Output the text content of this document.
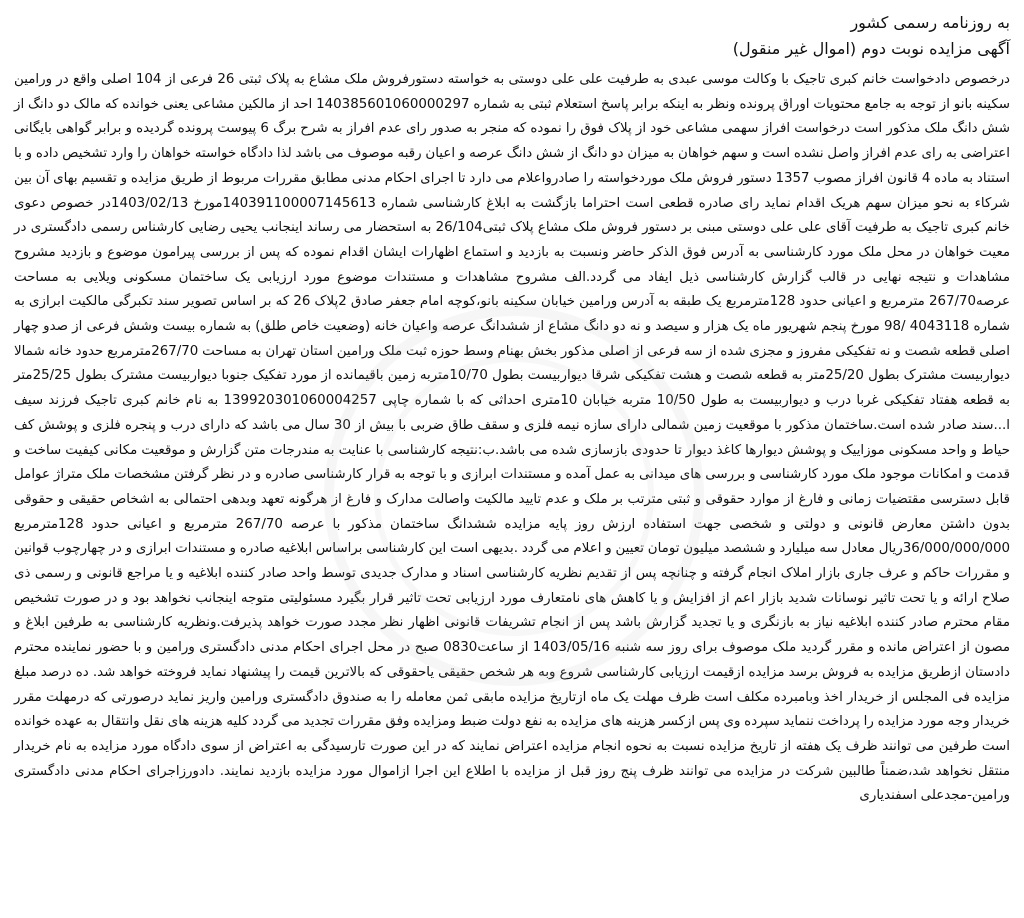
به روزنامه رسمی کشور
آگهی مزایده نوبت دوم (اموال غیر منقول)

درخصوص دادخواست خانم کبری تاجیک با وکالت موسی عبدی به طرفیت علی علی دوستی به خواسته دستورفروش ملک مشاع به پلاک ثبتی 26 فرعی از 104 اصلی واقع در ورامین سکینه بانو از توجه به جامع محتویات اوراق پرونده ونظر به اینکه برابر پاسخ استعلام ثبتی به شماره 140385601060000297 احد از مالکین مشاعی یعنی خوانده که مالک دو دانگ از شش دانگ ملک مذکور است درخواست افراز سهمی مشاعی خود از پلاک فوق را نموده که منجر به صدور رای عدم افراز به شرح برگ 6 پیوست پرونده گردیده و برابر گواهی بایگانی اعتراضی به رای عدم افراز واصل نشده است و سهم خواهان به میزان دو دانگ از شش دانگ عرصه و اعیان رقبه موصوف می باشد لذا دادگاه خواسته خواهان را وارد تشخیص داده و با استناد به ماده 4 قانون افراز مصوب 1357 دستور فروش ملک موردخواسته را صادرواعلام می دارد تا اجرای احکام مدنی مطابق مقررات مربوط از طریق مزایده و تقسیم بهای آن بین شرکاء به نحو میزان سهم هریک اقدام نماید رای صادره قطعی است احتراما بازگشت به ابلاغ کارشناسی شماره 140391100007145613مورخ 1403/02/13در خصوص دعوی خانم کبری تاجیک به طرفیت آقای علی علی دوستی مبنی بر دستور فروش ملک مشاع پلاک ثبتی26/104 به استحضار می رساند اینجانب یحیی رضایی کارشناس رسمی دادگستری در معیت خواهان در محل ملک مورد کارشناسی به آدرس فوق الذکر حاضر ونسبت به بازدید و استماع اظهارات ایشان اقدام نموده که پس از بررسی پیرامون موضوع و بازدید مشروح مشاهدات و نتیجه نهایی در قالب گزارش کارشناسی ذیل ایفاد می گردد.الف مشروح مشاهدات و مستندات موضوع مورد ارزیابی یک ساختمان مسکونی ویلایی به مساحت عرصه267/70 مترمربع و اعیانی حدود 128مترمربع یک طبقه به آدرس ورامین خیابان سکینه بانو،کوچه امام جعفر صادق 2پلاک 26 که بر اساس تصویر سند تکبرگی مالکیت ابرازی به شماره 4043118 /98 مورخ پنجم شهریور ماه یک هزار و سیصد و نه دو دانگ مشاع از ششدانگ عرصه واعیان خانه (وضعیت خاص طلق) به شماره بیست وشش فرعی از صدو چهار اصلی قطعه شصت و نه تفکیکی مفروز و مجزی شده از سه فرعی از اصلی مذکور بخش بهنام وسط حوزه ثبت ملک ورامین استان تهران به مساحت 267/70مترمربع حدود خانه شمالا دیواربیست مشترک بطول 25/20متر به قطعه شصت و هشت تفکیکی شرقا دیواربیست بطول 10/70متربه زمین باقیمانده از مورد تفکیک جنوبا دیواربیست مشترک بطول 25/25متر به قطعه هفتاد تفکیکی غربا درب و دیواربیست به طول 10/50 متربه خیابان 10متری احداثی که با شماره چاپی 139920301060004257 به نام خانم کبری تاجیک فرزند سیف ا...سند صادر شده است.ساختمان مذکور با موقعیت زمین شمالی دارای سازه نیمه فلزی و سقف طاق ضربی با بیش از 30 سال می باشد که دارای درب و پنجره فلزی و پوشش کف حیاط و واحد مسکونی موزاییک و پوشش دیوارها کاغذ دیوار تا حدودی بازسازی شده می باشد.ب:نتیجه کارشناسی با عنایت به مندرجات متن گزارش و موقعیت مکانی کیفیت ساخت و قدمت و امکانات موجود ملک مورد کارشناسی و بررسی های میدانی به عمل آمده و مستندات ابرازی و با توجه به قرار کارشناسی صادره و در نظر گرفتن مشخصات ملک متراژ عوامل قابل دسترسی مقتضیات زمانی و فارغ از موارد حقوقی و ثبتی مترتب بر ملک و عدم تایید مالکیت واصالت مدارک و فارغ از هرگونه تعهد وبدهی احتمالی به اشخاص حقیقی و حقوقی بدون داشتن معارض قانونی و دولتی و شخصی جهت استفاده ارزش روز پایه مزایده ششدانگ ساختمان مذکور با عرصه 267/70 مترمربع و اعیانی حدود 128مترمربع 36/000/000/000ریال معادل سه میلیارد و ششصد میلیون تومان تعیین و اعلام می گردد .بدیهی است این کارشناسی براساس ابلاغیه صادره و مستندات ابرازی و در چهارچوب قوانین و مقررات حاکم و عرف جاری بازار املاک انجام گرفته و چنانچه پس از تقدیم نظریه کارشناسی اسناد و مدارک جدیدی توسط واحد صادر کننده ابلاغیه و یا مراجع قانونی و رسمی ذی صلاح ارائه و یا تحت تاثیر نوسانات شدید بازار اعم از افزایش و یا کاهش های نامتعارف مورد ارزیابی تحت تاثیر قرار بگیرد مسئولیتی متوجه اینجانب نخواهد بود و در صورت تشخیص مقام محترم صادر کننده ابلاغیه نیاز به بازنگری و یا تجدید گزارش باشد پس از انجام تشریفات قانونی اظهار نظر مجدد صورت خواهد پذیرفت.ونظریه کارشناسی به طرفین ابلاغ و مصون از اعتراض مانده و مقرر گردید ملک موصوف برای روز سه شنبه 1403/05/16 از ساعت0830 صبح در محل اجرای احکام مدنی دادگستری ورامین و با حضور نماینده محترم دادستان ازطریق مزایده به فروش برسد مزایده ازقیمت ارزیابی کارشناسی شروع وبه هر شخص حقیقی یاحقوقی که بالاترین قیمت را پیشنهاد نماید فروخته خواهد شد. ده درصد مبلغ مزایده فی المجلس از خریدار اخذ وبامبرده مکلف است ظرف مهلت یک ماه ازتاریخ مزایده مابقی ثمن معامله را به صندوق دادگستری ورامین واریز نماید درصورتی که درمهلت مقرر خریدار وجه مورد مزایده را پرداخت ننماید سپرده وی پس ازکسر هزینه های مزایده به نفع دولت ضبط ومزایده وفق مقررات تجدید می گردد کلیه هزینه های نقل وانتقال به عهده خوانده است طرفین می توانند ظرف یک هفته از تاریخ مزایده نسبت به نحوه انجام مزایده اعتراض نمایند که در این صورت تارسیدگی به اعتراض از سوی دادگاه مورد مزایده به نام خریدار منتقل نخواهد شد،ضمناً طالبین شرکت در مزایده می توانند ظرف پنج روز قبل از مزایده با اطلاع این اجرا ازاموال مورد مزایده بازدید نمایند. دادورزاجرای احکام مدنی دادگستری ورامین-مجدعلی اسفندیاری
